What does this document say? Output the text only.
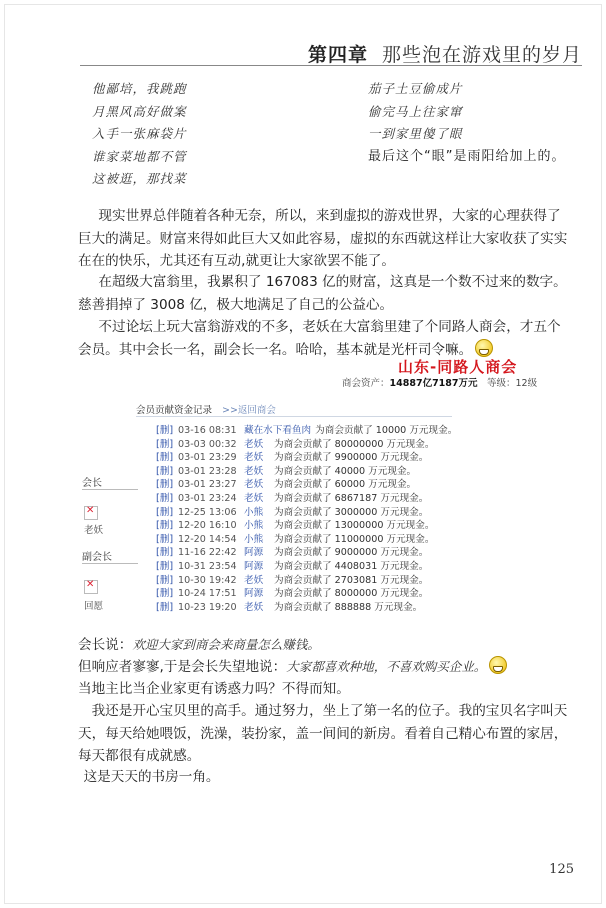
第四章 那些泡在游戏里的岁月
他鄙培，我跳跑
月黑风高好做案
入手一张麻袋片
谁家菜地都不管
这被逛，那找菜
茄子土豆偷成片
偷完马上往家窜
一到家里傻了眼
最后这个“眼”是雨阳给加上的。
  现实世界总伴随着各种无奈，所以，来到虚拟的游戏世界，大家的心理获得了巨大的满足。财富来得如此巨大又如此容易，虚拟的东西就这样让大家收获了实实在在的快乐，尤其还有互动,就更让大家欲罢不能了。
  在超级大富翁里，我累积了 167083 亿的财富，这真是一个数不过来的数字。慈善捐掉了 3008 亿，极大地满足了自己的公益心。
  不过论坛上玩大富翁游戏的不多，老妖在大富翁里建了个同路人商会，才五个会员。其中会长一名，副会长一名。哈哈，基本就是光杆司令嘛。
山东-同路人商会
商会资产：14887亿7187万元  等级：12级
会员贡献资金记录 >>返回商会
会长
✕
老妖
副会长
✕
回愿
[删] 03-16 08:31 藏在水下看鱼肉 为商会贡献了 10000 万元现金。
[删] 03-03 00:32 老妖 为商会贡献了 80000000 万元现金。
[删] 03-01 23:29 老妖 为商会贡献了 9900000 万元现金。
[删] 03-01 23:28 老妖 为商会贡献了 40000 万元现金。
[删] 03-01 23:27 老妖 为商会贡献了 60000 万元现金。
[删] 03-01 23:24 老妖 为商会贡献了 6867187 万元现金。
[删] 12-25 13:06 小熊 为商会贡献了 3000000 万元现金。
[删] 12-20 16:10 小熊 为商会贡献了 13000000 万元现金。
[删] 12-20 14:54 小熊 为商会贡献了 11000000 万元现金。
[删] 11-16 22:42 阿源 为商会贡献了 9000000 万元现金。
[删] 10-31 23:54 阿源 为商会贡献了 4408031 万元现金。
[删] 10-30 19:42 老妖 为商会贡献了 2703081 万元现金。
[删] 10-24 17:51 阿源 为商会贡献了 8000000 万元现金。
[删] 10-23 19:20 老妖 为商会贡献了 888888 万元现金。
会长说：欢迎大家到商会来商量怎么赚钱。
但响应者寥寥,于是会长失望地说：大家都喜欢种地，不喜欢购买企业。
当地主比当企业家更有诱惑力吗？不得而知。
 我还是开心宝贝里的高手。通过努力，坐上了第一名的位子。我的宝贝名字叫天天，每天给她喂饭，洗澡，装扮家，盖一间间的新房。看着自己精心布置的家居，每天都很有成就感。
 这是天天的书房一角。
125
